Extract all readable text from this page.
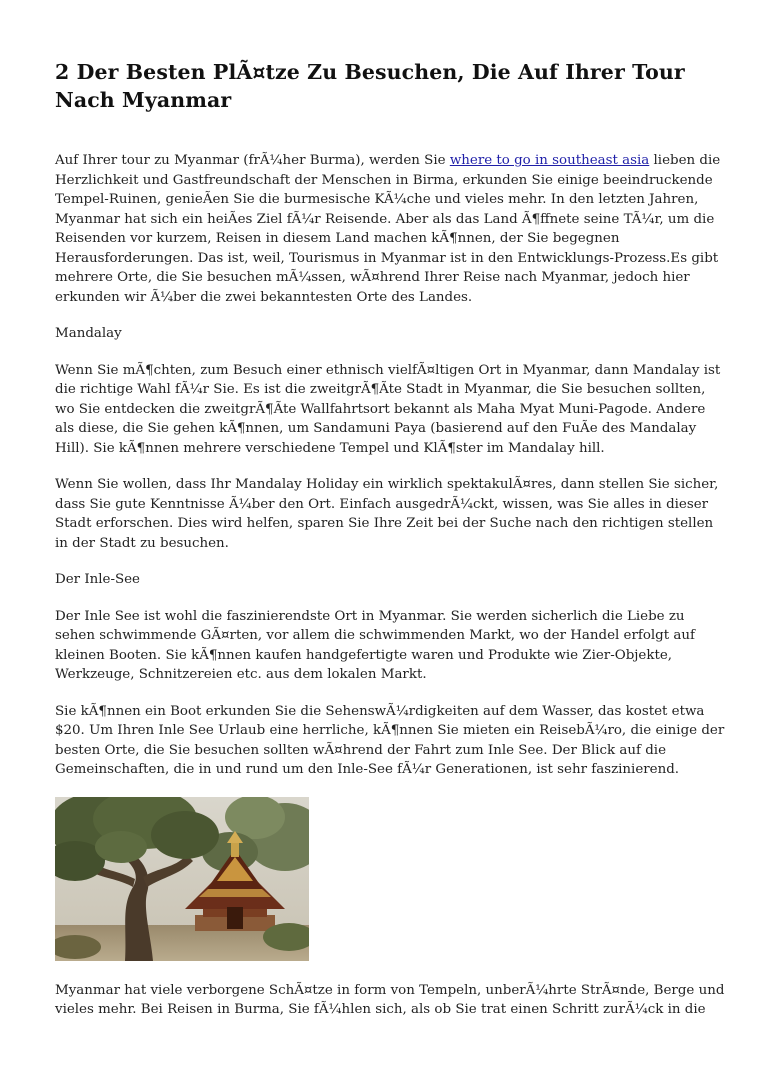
2 Der Besten PlÃ¤tze Zu Besuchen, Die Auf Ihrer Tour Nach Myanmar

Auf Ihrer tour zu Myanmar (frÃ¼her Burma), werden Sie where to go in southeast asia lieben die Herzlichkeit und Gastfreundschaft der Menschen in Birma, erkunden Sie einige beeindruckende Tempel-Ruinen, genieÃen Sie die burmesische KÃ¼che und vieles mehr. In den letzten Jahren, Myanmar hat sich ein heiÃes Ziel fÃ¼r Reisende. Aber als das Land Ã¶ffnete seine TÃ¼r, um die Reisenden vor kurzem, Reisen in diesem Land machen kÃ¶nnen, der Sie begegnen Herausforderungen. Das ist, weil, Tourismus in Myanmar ist in den Entwicklungs-Prozess.Es gibt mehrere Orte, die Sie besuchen mÃ¼ssen, wÃ¤hrend Ihrer Reise nach Myanmar, jedoch hier erkunden wir Ã¼ber die zwei bekanntesten Orte des Landes.

Mandalay

Wenn Sie mÃ¶chten, zum Besuch einer ethnisch vielfÃ¤ltigen Ort in Myanmar, dann Mandalay ist die richtige Wahl fÃ¼r Sie. Es ist die zweitgrÃ¶Ãte Stadt in Myanmar, die Sie besuchen sollten, wo Sie entdecken die zweitgrÃ¶Ãte Wallfahrtsort bekannt als Maha Myat Muni-Pagode. Andere als diese, die Sie gehen kÃ¶nnen, um Sandamuni Paya (basierend auf den FuÃe des Mandalay Hill). Sie kÃ¶nnen mehrere verschiedene Tempel und KlÃ¶ster im Mandalay hill.

Wenn Sie wollen, dass Ihr Mandalay Holiday ein wirklich spektakulÃ¤res, dann stellen Sie sicher, dass Sie gute Kenntnisse Ã¼ber den Ort. Einfach ausgedrÃ¼ckt, wissen, was Sie alles in dieser Stadt erforschen. Dies wird helfen, sparen Sie Ihre Zeit bei der Suche nach den richtigen stellen in der Stadt zu besuchen.

Der Inle-See

Der Inle See ist wohl die faszinierendste Ort in Myanmar. Sie werden sicherlich die Liebe zu sehen schwimmende GÃ¤rten, vor allem die schwimmenden Markt, wo der Handel erfolgt auf kleinen Booten. Sie kÃ¶nnen kaufen handgefertigte waren und Produkte wie Zier-Objekte, Werkzeuge, Schnitzereien etc. aus dem lokalen Markt.

Sie kÃ¶nnen ein Boot erkunden Sie die SehenswÃ¼rdigkeiten auf dem Wasser, das kostet etwa $20. Um Ihren Inle See Urlaub eine herrliche, kÃ¶nnen Sie mieten ein ReisebÃ¼ro, die einige der besten Orte, die Sie besuchen sollten wÃ¤hrend der Fahrt zum Inle See. Der Blick auf die Gemeinschaften, die in und rund um den Inle-See fÃ¼r Generationen, ist sehr faszinierend.

Myanmar hat viele verborgene SchÃ¤tze in form von Tempeln, unberÃ¼hrte StrÃ¤nde, Berge und vieles mehr. Bei Reisen in Burma, Sie fÃ¼hlen sich, als ob Sie trat einen Schritt zurÃ¼ck in die
